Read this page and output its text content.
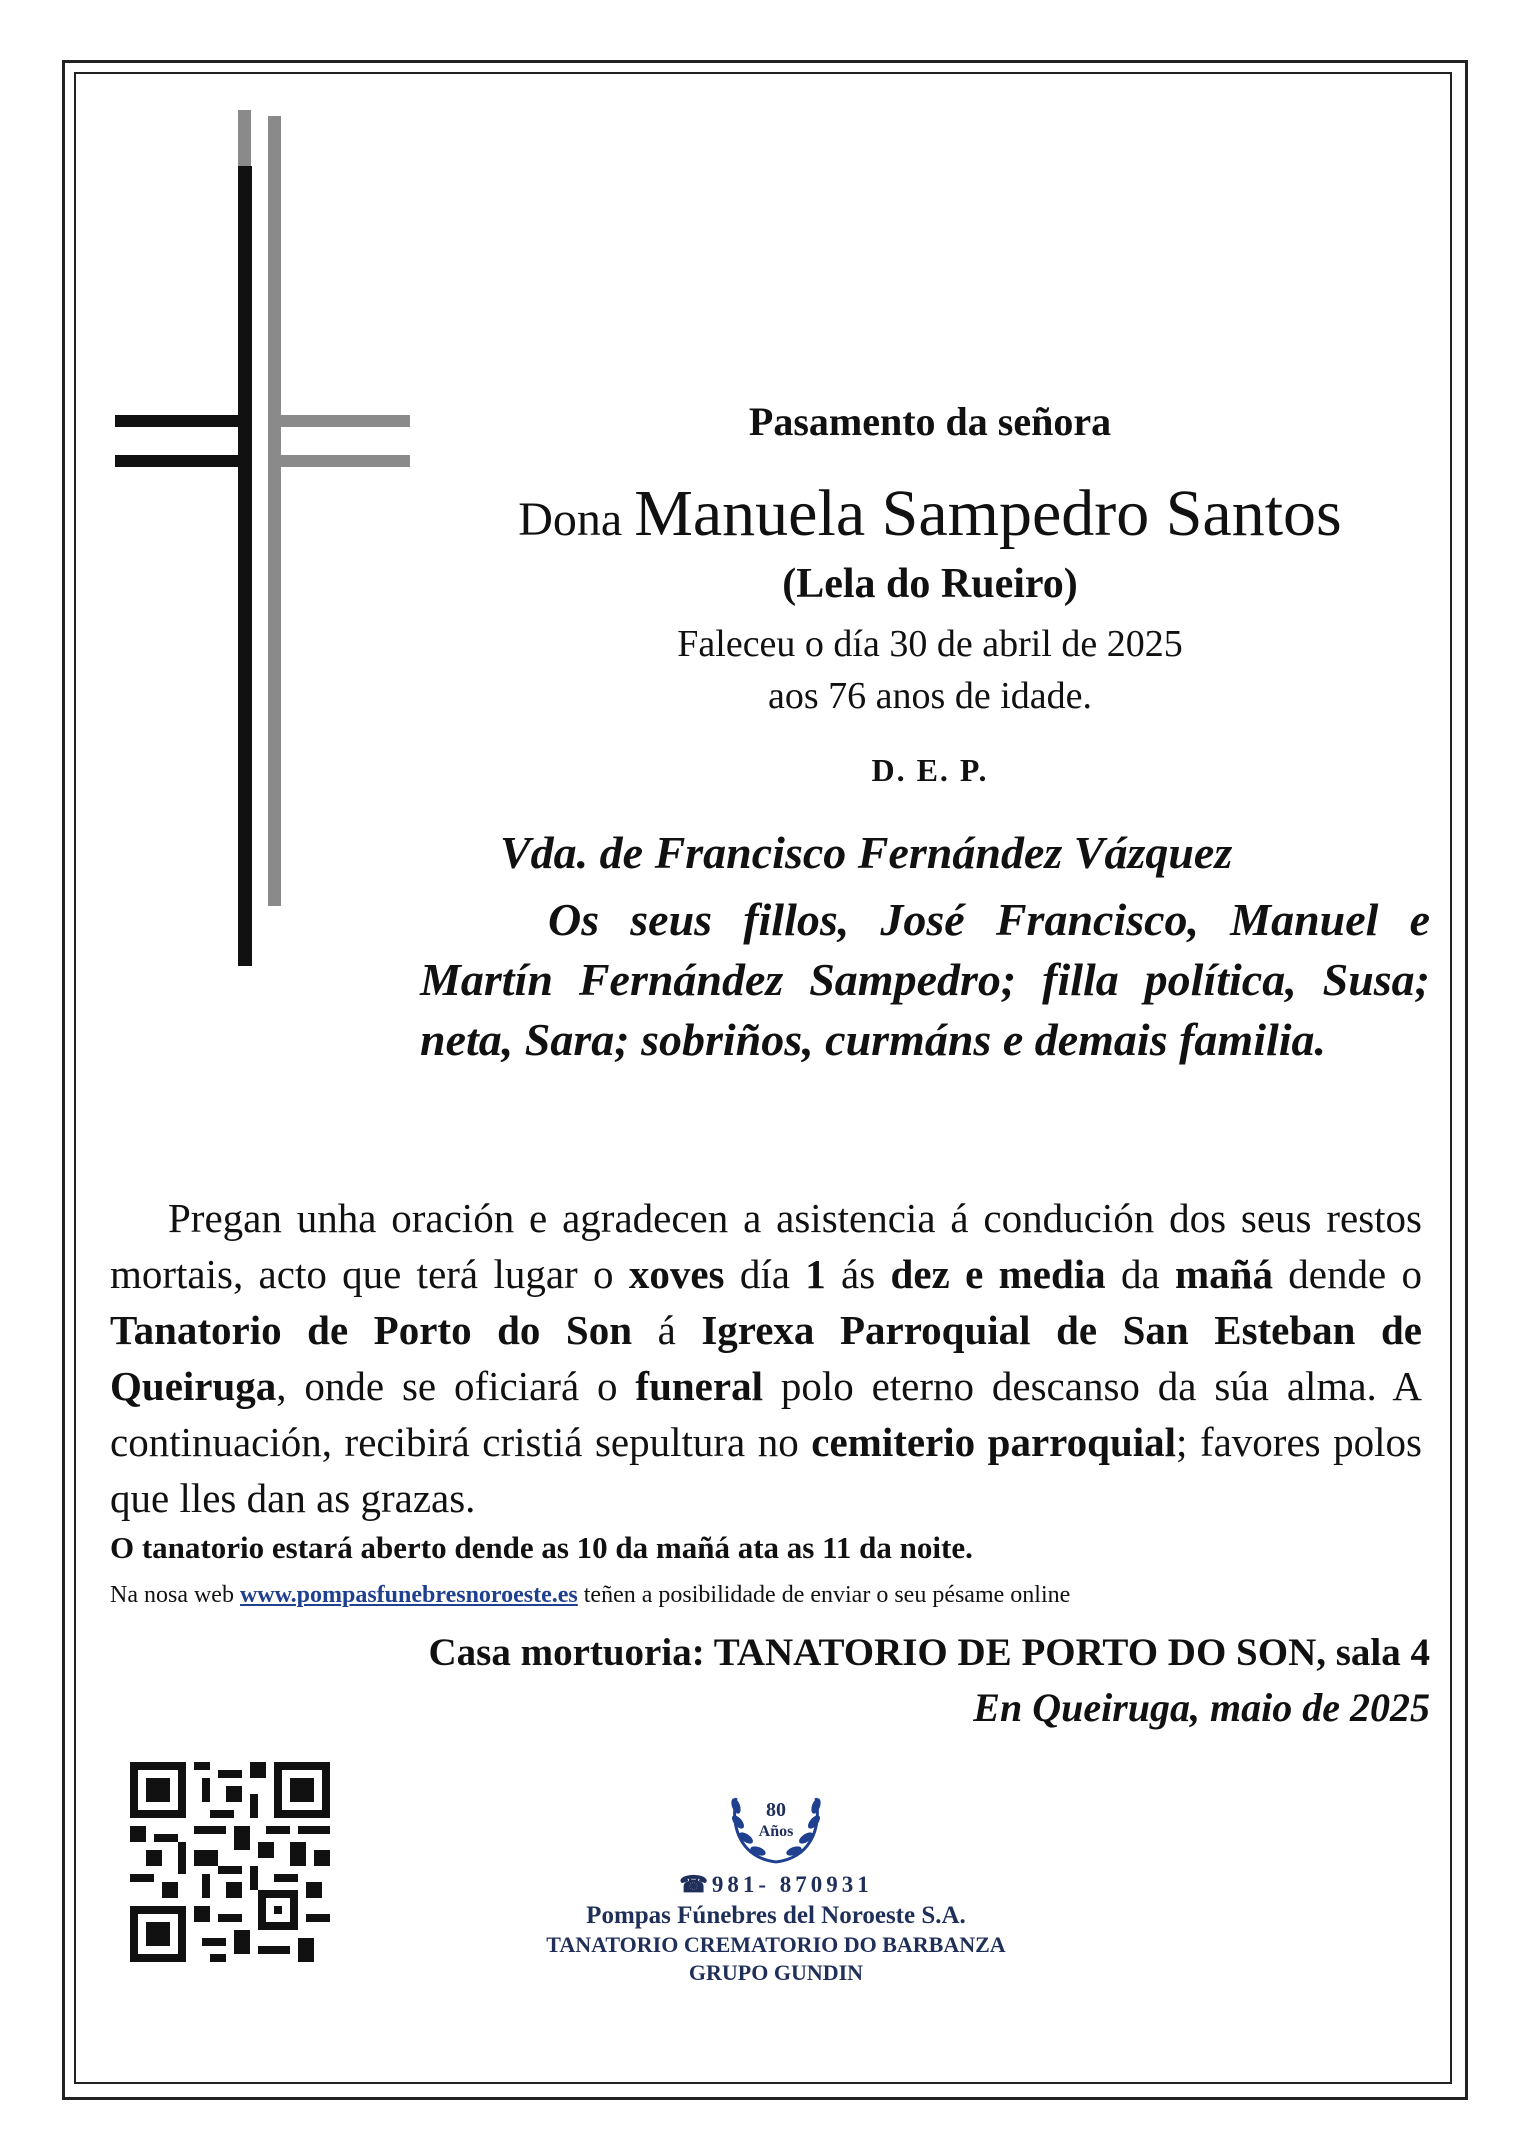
Pasamento da señora
Dona Manuela Sampedro Santos
(Lela do Rueiro)
Faleceu o día 30 de abril de 2025
aos 76 anos de idade.
D. E. P.
Vda. de Francisco Fernández Vázquez
Os seus fillos, José Francisco, Manuel e Martín Fernández Sampedro; filla política, Susa; neta, Sara; sobriños, curmáns e demais familia.
Pregan unha oración e agradecen a asistencia á condución dos seus restos mortais, acto que terá lugar o xoves día 1 ás dez e media da mañá dende o Tanatorio de Porto do Son á Igrexa Parroquial de San Esteban de Queiruga, onde se oficiará o funeral polo eterno descanso da súa alma. A continuación, recibirá cristiá sepultura no cemiterio parroquial; favores polos que lles dan as grazas.
O tanatorio estará aberto dende as 10 da mañá ata as 11 da noite.
Na nosa web www.pompasfunebresnoroeste.es teñen a posibilidade de enviar o seu pésame online
Casa mortuoria: TANATORIO DE PORTO DO SON, sala 4
En Queiruga, maio de 2025
80
Años
☎981- 870931
Pompas Fúnebres del Noroeste S.A.
TANATORIO CREMATORIO DO BARBANZA
GRUPO GUNDIN
